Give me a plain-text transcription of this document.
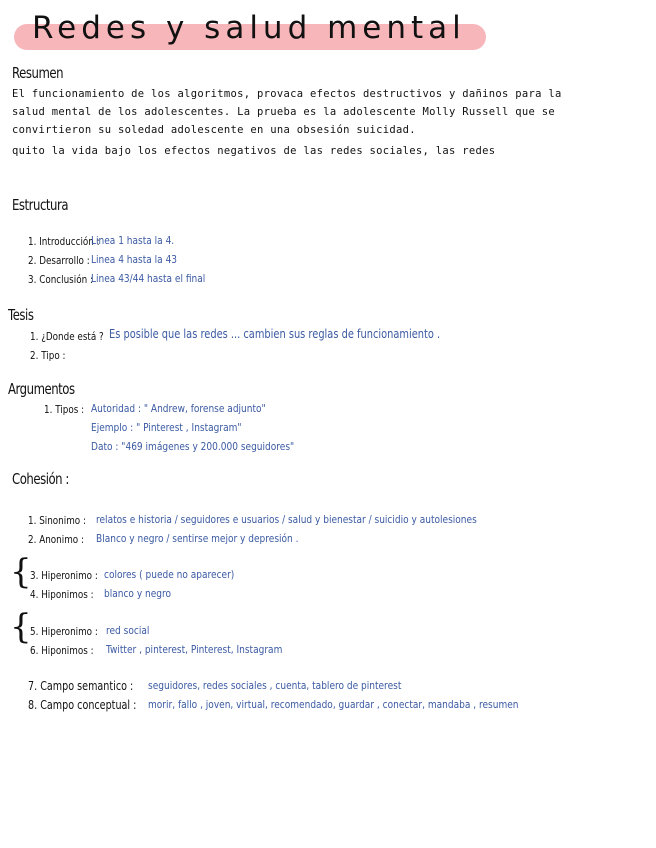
Redes y salud mental
Resumen
El funcionamiento de los algoritmos, provaca efectos destructivos y dañinos para la
salud mental de los adolescentes. La prueba es la adolescente Molly Russell que se
convirtieron su soledad adolescente en una obsesión suicidad.
quito la vida bajo los efectos negativos de las redes sociales, las redes
Estructura
1. Introducción :
Linea 1 hasta la 4.
2. Desarrollo : Linea 4 hasta la 43
3. Conclusión :
Linea 43/44 hasta el final
Tesis
1. ¿Donde está ? Es posible que las redes ... cambien sus reglas de funcionamiento .
2. Tipo :
Argumentos
1. Tipos : Autoridad : " Andrew, forense adjunto"
Ejemplo : " Pinterest , Instagram"
Dato : "469 imágenes y 200.000 seguidores"
Cohesión :
1. Sinonimo : relatos e historia / seguidores e usuarios / salud y bienestar / suicidio y autolesiones
2. Anonimo : Blanco y negro / sentirse mejor y depresión .
{
3. Hiperonimo : colores ( puede no aparecer)
4. Hiponimos : blanco y negro
{
5. Hiperonimo : red social
6. Hiponimos : Twitter , pinterest, Pinterest, Instagram
7. Campo semantico : seguidores, redes sociales , cuenta, tablero de pinterest
8. Campo conceptual : morir, fallo , joven, virtual, recomendado, guardar , conectar, mandaba , resumen
